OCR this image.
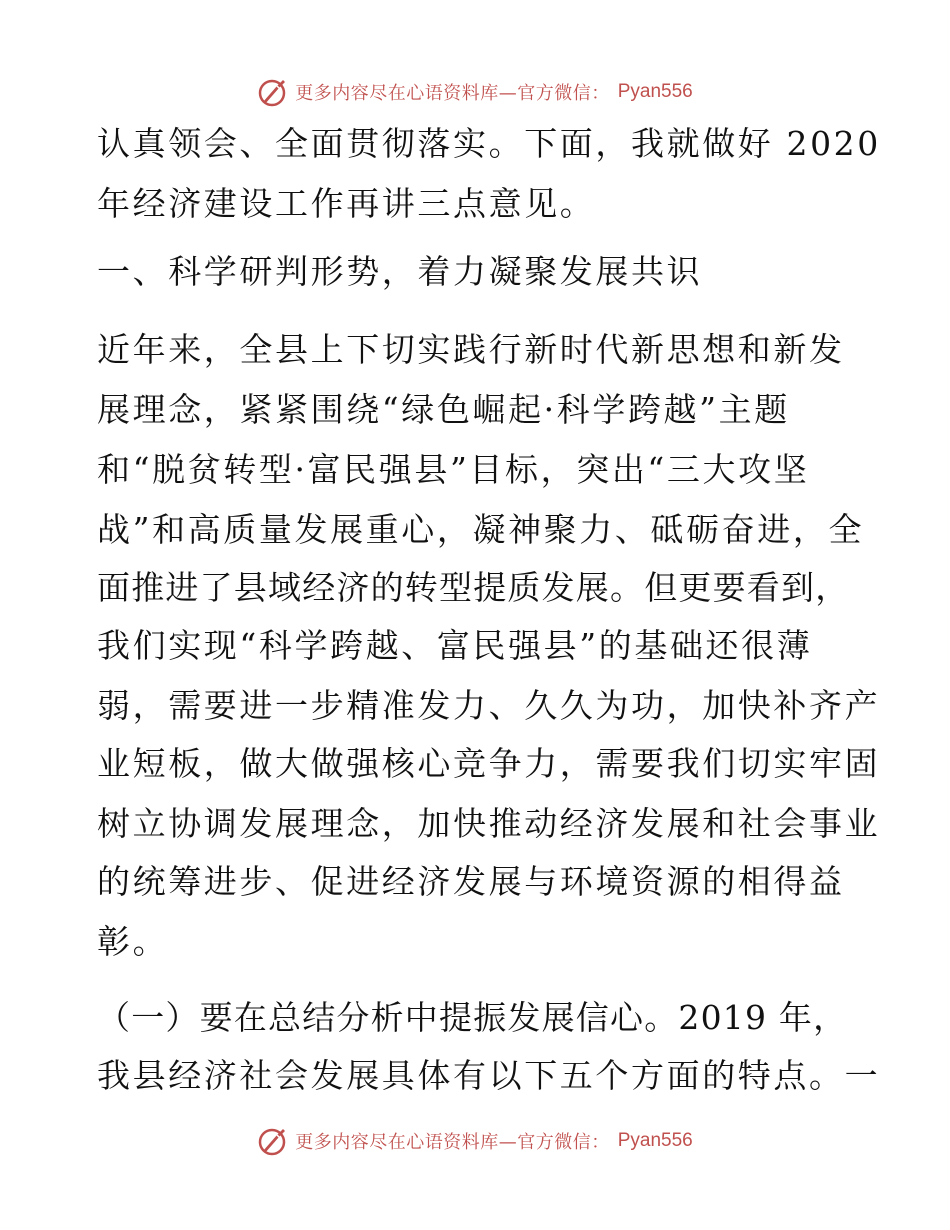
更多内容尽在心语资料库—官方微信： Pyan556
认真领会、全面贯彻落实。下面，我就做好 2020
年经济建设工作再讲三点意见。
一、科学研判形势，着力凝聚发展共识
近年来，全县上下切实践行新时代新思想和新发
展理念，紧紧围绕“绿色崛起·科学跨越”主题
和“脱贫转型·富民强县”目标，突出“三大攻坚
战”和高质量发展重心，凝神聚力、砥砺奋进，全
面推进了县域经济的转型提质发展。但更要看到，
我们实现“科学跨越、富民强县”的基础还很薄
弱，需要进一步精准发力、久久为功，加快补齐产
业短板，做大做强核心竞争力，需要我们切实牢固
树立协调发展理念，加快推动经济发展和社会事业
的统筹进步、促进经济发展与环境资源的相得益
彰。
（一）要在总结分析中提振发展信心。2019 年，
我县经济社会发展具体有以下五个方面的特点。一
更多内容尽在心语资料库—官方微信： Pyan556
